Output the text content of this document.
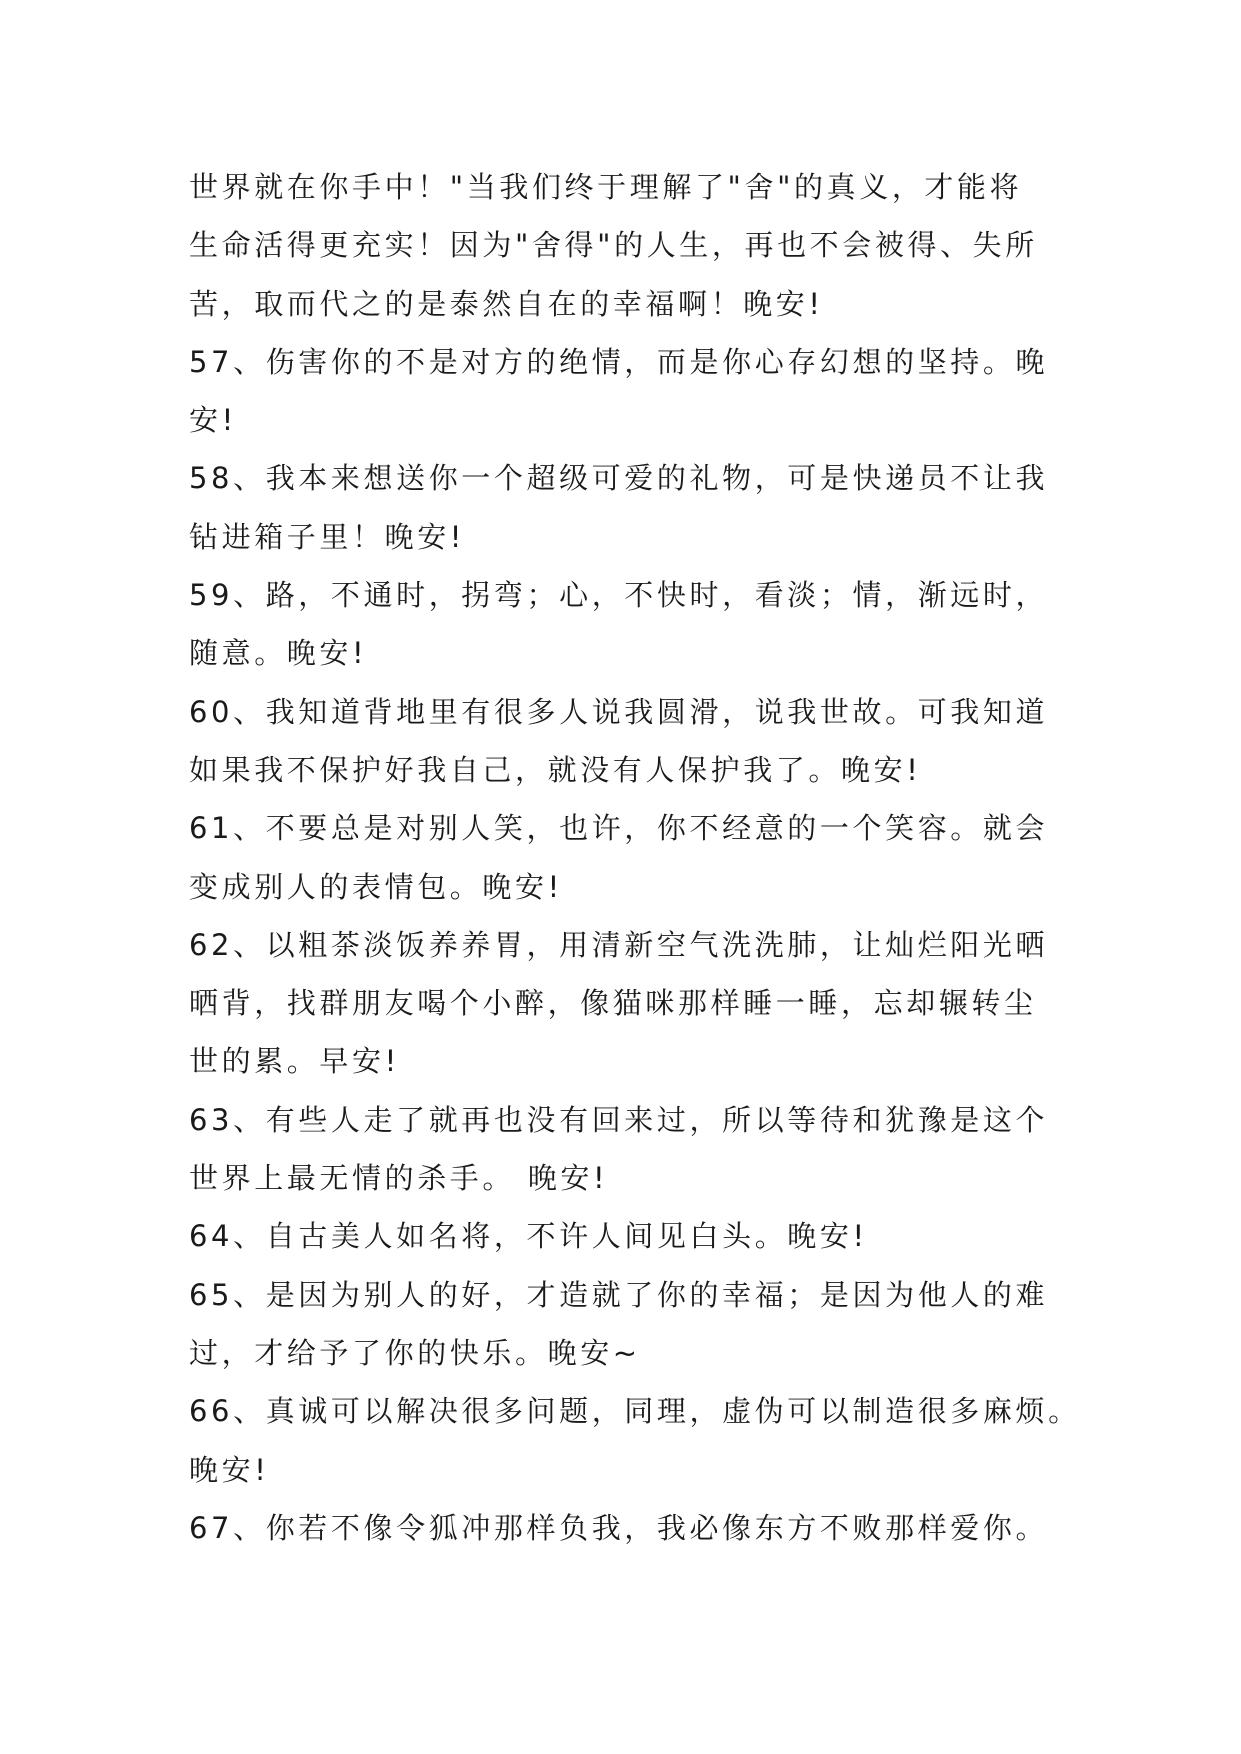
世界就在你手中！"当我们终于理解了"舍"的真义，才能将
生命活得更充实！因为"舍得"的人生，再也不会被得、失所
苦，取而代之的是泰然自在的幸福啊！晚安!
57、伤害你的不是对方的绝情，而是你心存幻想的坚持。晚
安!
58、我本来想送你一个超级可爱的礼物，可是快递员不让我
钻进箱子里！晚安!
59、路，不通时，拐弯；心，不快时，看淡；情，渐远时，
随意。晚安!
60、我知道背地里有很多人说我圆滑，说我世故。可我知道
如果我不保护好我自己，就没有人保护我了。晚安!
61、不要总是对别人笑，也许，你不经意的一个笑容。就会
变成别人的表情包。晚安!
62、以粗茶淡饭养养胃，用清新空气洗洗肺，让灿烂阳光晒
晒背，找群朋友喝个小醉，像猫咪那样睡一睡，忘却辗转尘
世的累。早安!
63、有些人走了就再也没有回来过，所以等待和犹豫是这个
世界上最无情的杀手。 晚安!
64、自古美人如名将，不许人间见白头。晚安!
65、是因为别人的好，才造就了你的幸福；是因为他人的难
过，才给予了你的快乐。晚安~
66、真诚可以解决很多问题，同理，虚伪可以制造很多麻烦。
晚安!
67、你若不像令狐冲那样负我，我必像东方不败那样爱你。
